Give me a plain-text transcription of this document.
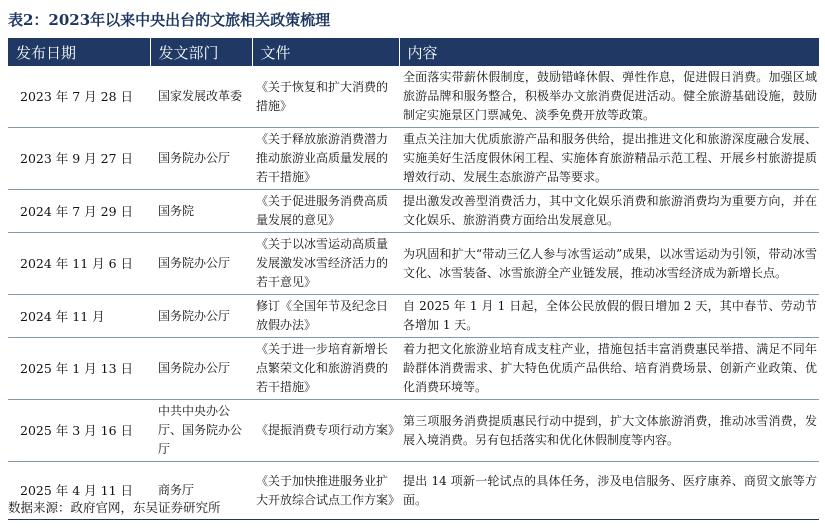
表2：2023年以来中央出台的文旅相关政策梳理
发布日期	发文部门	文件	内容
2023 年 7 月 28 日	国家发展改革委	《关于恢复和扩大消费的措施》	全面落实带薪休假制度，鼓励错峰休假、弹性作息，促进假日消费。加强区域旅游品牌和服务整合，积极举办文旅消费促进活动。健全旅游基础设施，鼓励制定实施景区门票减免、淡季免费开放等政策。
2023 年 9 月 27 日	国务院办公厅	《关于释放旅游消费潜力推动旅游业高质量发展的若干措施》	重点关注加大优质旅游产品和服务供给，提出推进文化和旅游深度融合发展、实施美好生活度假休闲工程、实施体育旅游精品示范工程、开展乡村旅游提质增效行动、发展生态旅游产品等要求。
2024 年 7 月 29 日	国务院	《关于促进服务消费高质量发展的意见》	提出激发改善型消费活力，其中文化娱乐消费和旅游消费均为重要方向，并在文化娱乐、旅游消费方面给出发展意见。
2024 年 11 月 6 日	国务院办公厅	《关于以冰雪运动高质量发展激发冰雪经济活力的若干意见》	为巩固和扩大“带动三亿人参与冰雪运动”成果，以冰雪运动为引领，带动冰雪文化、冰雪装备、冰雪旅游全产业链发展，推动冰雪经济成为新增长点。
2024 年 11 月	国务院办公厅	修订《全国年节及纪念日放假办法》	自 2025 年 1 月 1 日起，全体公民放假的假日增加 2 天，其中春节、劳动节各增加 1 天。
2025 年 1 月 13 日	国务院办公厅	《关于进一步培育新增长点繁荣文化和旅游消费的若干措施》	着力把文化旅游业培育成支柱产业，措施包括丰富消费惠民举措、满足不同年龄群体消费需求、扩大特色优质产品供给、培育消费场景、创新产业政策、优化消费环境等。
2025 年 3 月 16 日	中共中央办公厅、国务院办公厅	《提振消费专项行动方案》	第三项服务消费提质惠民行动中提到，扩大文体旅游消费，推动冰雪消费，发展入境消费。另有包括落实和优化休假制度等内容。
2025 年 4 月 11 日	商务厅	《关于加快推进服务业扩大开放综合试点工作方案》	提出 14 项新一轮试点的具体任务，涉及电信服务、医疗康养、商贸文旅等方面。
数据来源：政府官网，东吴证券研究所
